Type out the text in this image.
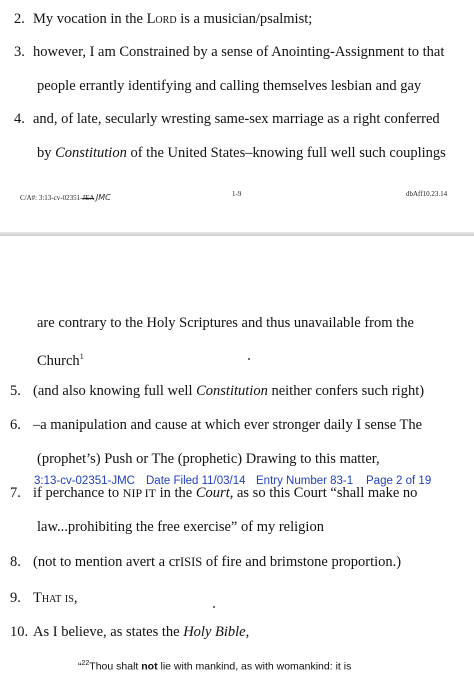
2. My vocation in the Lord is a musician/psalmist;
3. however, I am Constrained by a sense of Anointing-Assignment to that
people errantly identifying and calling themselves lesbian and gay
4. and, of late, secularly wresting same-sex marriage as a right conferred
by Constitution of the United States–knowing full well such couplings
C/A#: 3:13-cv-02351-JEA JMC	1-9	dbAff10.23.14
3:13-cv-02351-JMC Date Filed 11/03/14 Entry Number 83-1 Page 2 of 19
are contrary to the Holy Scriptures and thus unavailable from the
Church$^1$
5. (and also knowing full well Constitution neither confers such right)
6. –a manipulation and cause at which ever stronger daily I sense The
(prophet’s) Push or The (prophetic) Drawing to this matter,
7. if perchance to NIP IT in the Court, as so this Court “shall make no
law...prohibiting the free exercise” of my religion
8. (not to mention avert a crISIS of fire and brimstone proportion.)
9. That is,
10. As I believe, as states the Holy Bible,
“$^{22}$Thou shalt not lie with mankind, as with womankind: it is
